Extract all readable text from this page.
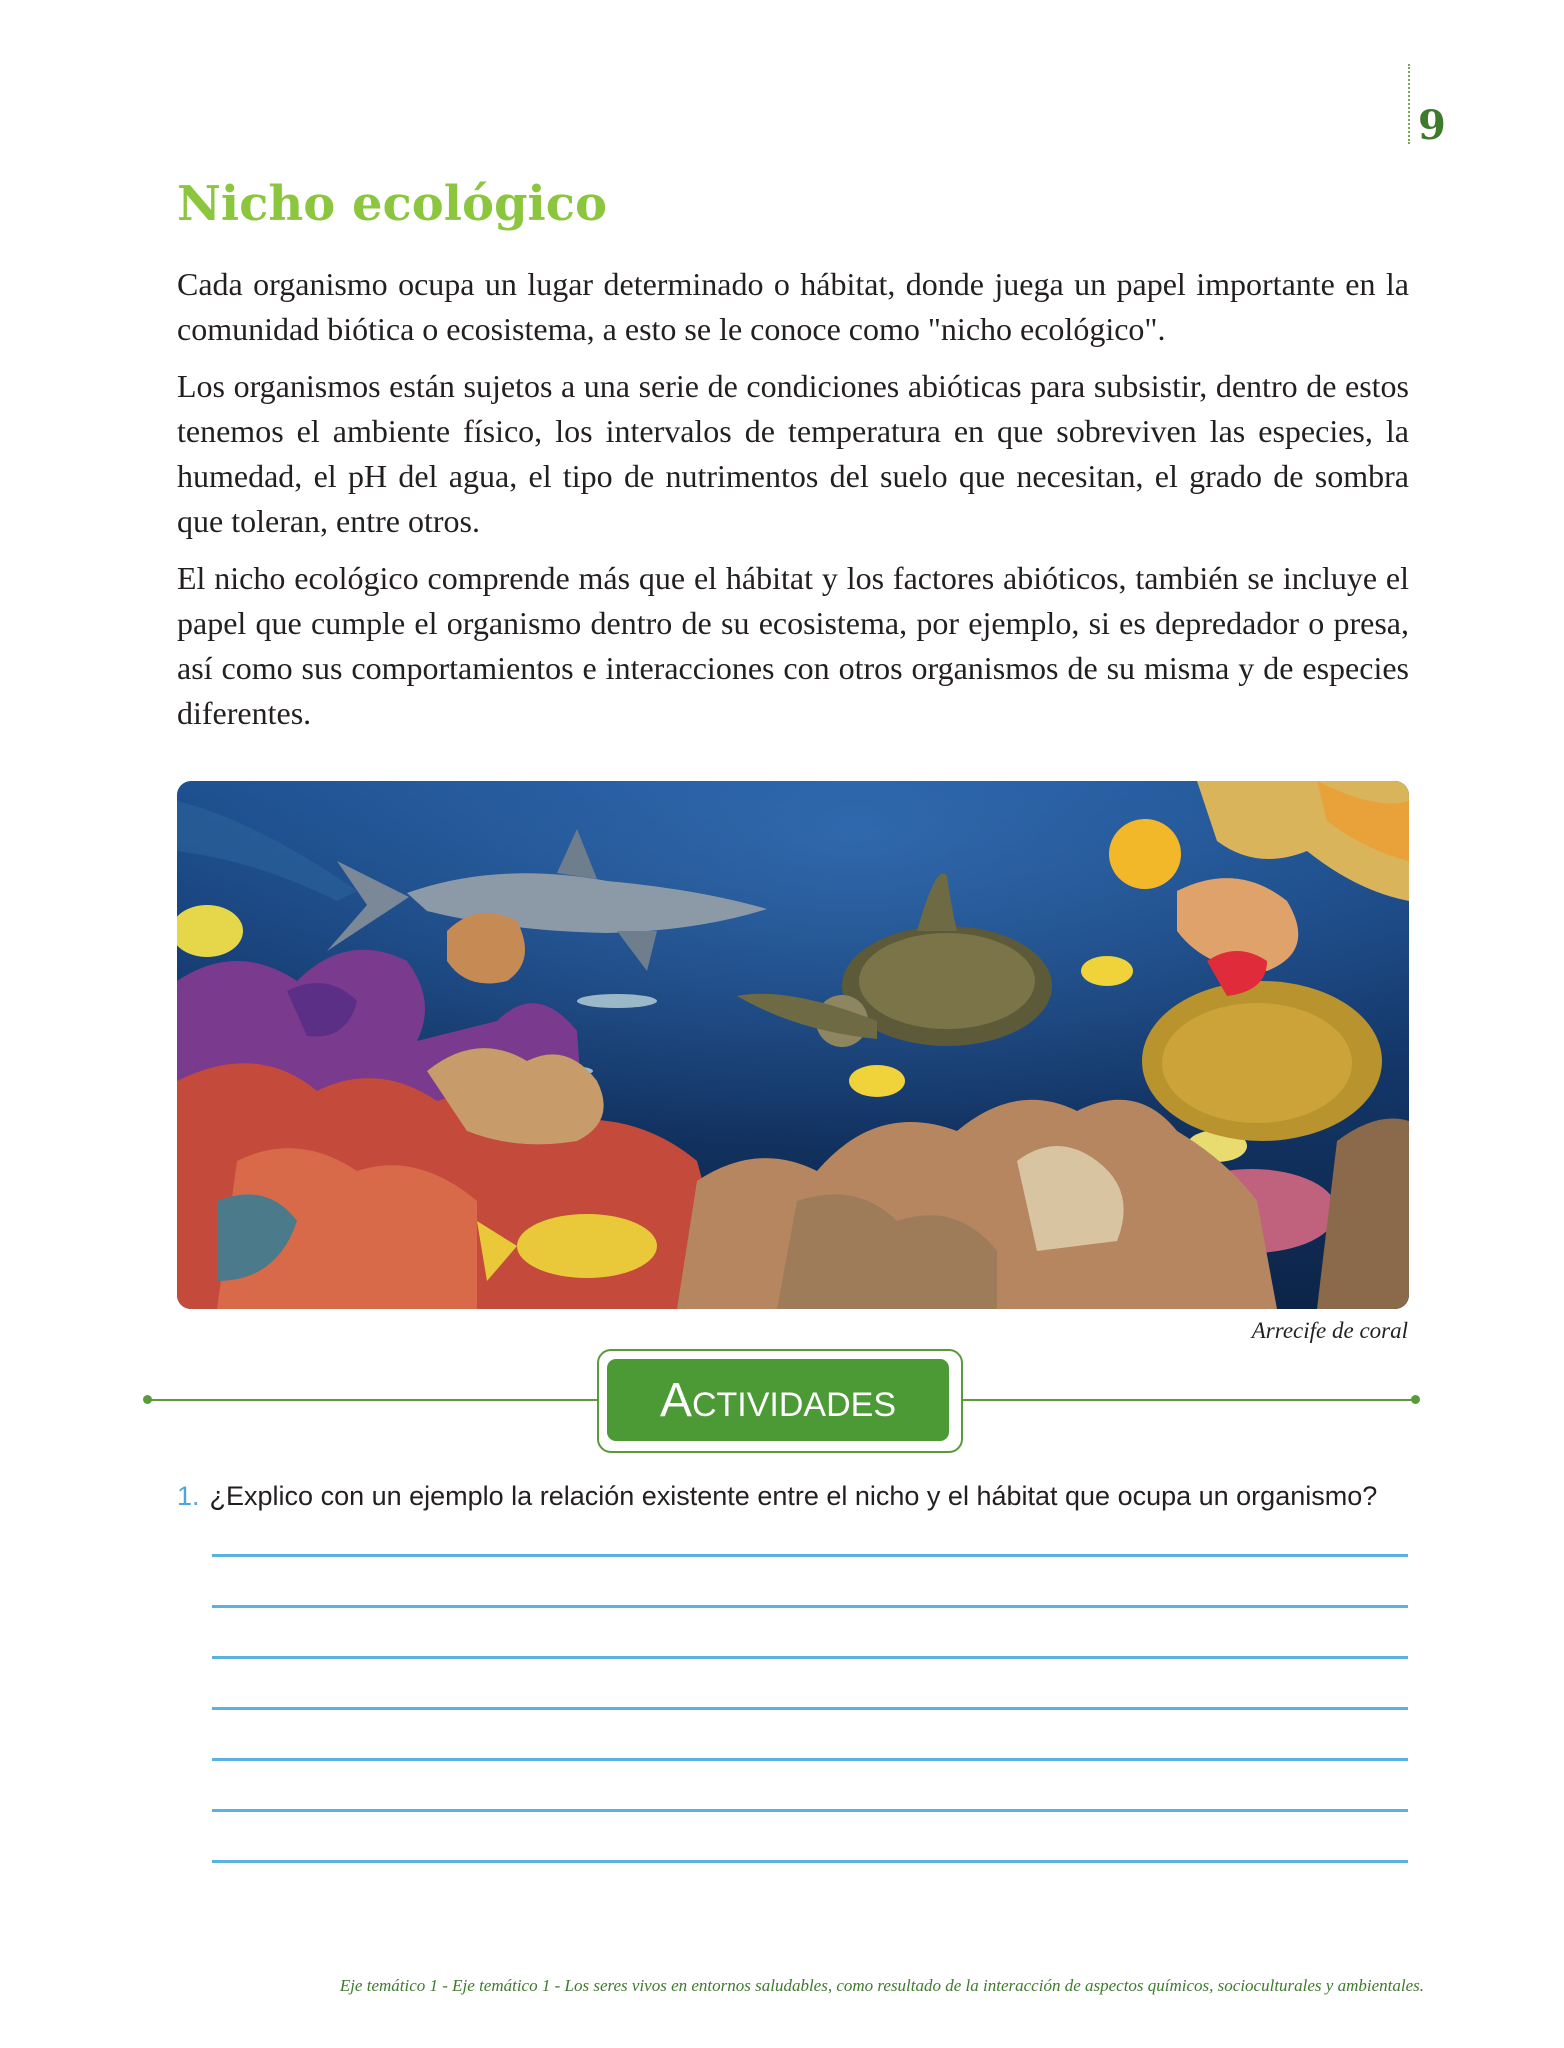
9
Nicho ecológico

Cada organismo ocupa un lugar determinado o hábitat, donde juega un papel importante en la comunidad biótica o ecosistema, a esto se le conoce como "nicho ecológico".

Los organismos están sujetos a una serie de condiciones abióticas para subsistir, dentro de estos tenemos el ambiente físico, los intervalos de temperatura en que sobreviven las especies, la humedad, el pH del agua, el tipo de nutrimentos del suelo que necesitan, el grado de sombra que toleran, entre otros.

El nicho ecológico comprende más que el hábitat y los factores abióticos, también se incluye el papel que cumple el organismo dentro de su ecosistema, por ejemplo, si es depredador o presa, así como sus comportamientos e interacciones con otros organismos de su misma y de especies diferentes.

Arrecife de coral
Actividades
1. ¿Explico con un ejemplo la relación existente entre el nicho y el hábitat que ocupa un organismo?
Eje temático 1 - Eje temático 1 - Los seres vivos en entornos saludables, como resultado de la interacción de aspectos químicos, socioculturales y ambientales.
